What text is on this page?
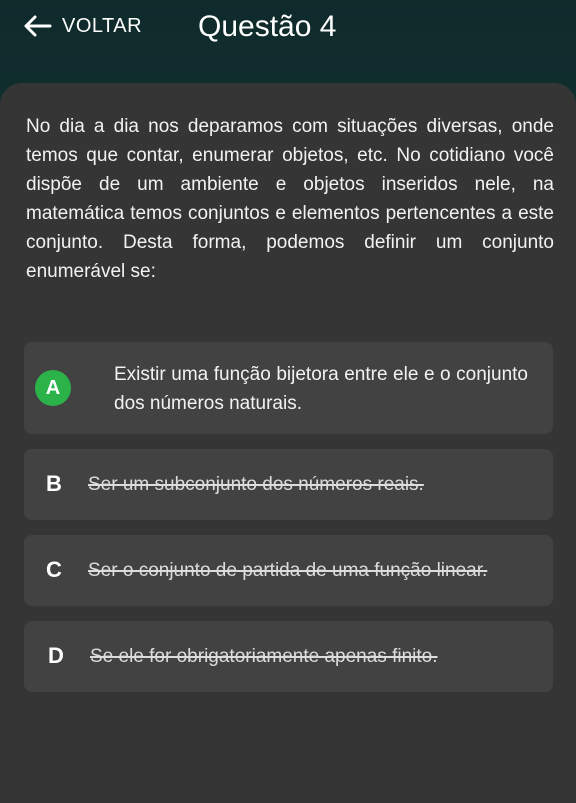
VOLTAR Questão 4
No dia a dia nos deparamos com situações diversas, onde temos que contar, enumerar objetos, etc. No cotidiano você dispõe de um ambiente e objetos inseridos nele, na matemática temos conjuntos e elementos pertencentes a este conjunto. Desta forma, podemos definir um conjunto enumerável se:
A
Existir uma função bijetora entre ele e o conjunto dos números naturais.
B Ser um subconjunto dos números reais.
C Ser o conjunto de partida de uma função linear.
D Se ele for obrigatoriamente apenas finito.
